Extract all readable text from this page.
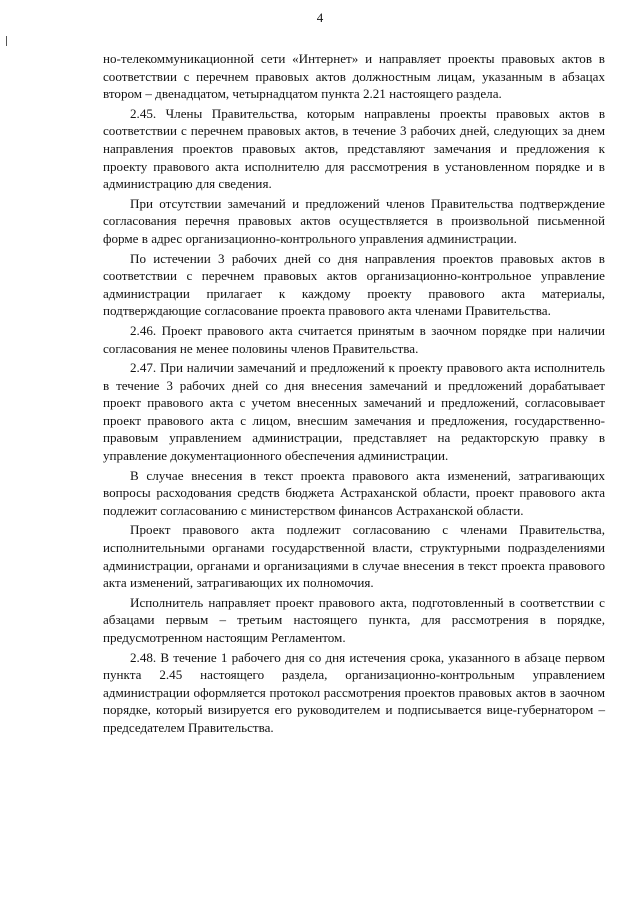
4

но-телекоммуникационной сети «Интернет» и направляет проекты правовых актов в соответствии с перечнем правовых актов должностным лицам, указанным в абзацах втором – двенадцатом, четырнадцатом пункта 2.21 настоящего раздела.

2.45. Члены Правительства, которым направлены проекты правовых актов в соответствии с перечнем правовых актов, в течение 3 рабочих дней, следующих за днем направления проектов правовых актов, представляют замечания и предложения к проекту правового акта исполнителю для рассмотрения в установленном порядке и в администрацию для сведения.

При отсутствии замечаний и предложений членов Правительства подтверждение согласования перечня правовых актов осуществляется в произвольной письменной форме в адрес организационно-контрольного управления администрации.

По истечении 3 рабочих дней со дня направления проектов правовых актов в соответствии с перечнем правовых актов организационно-контрольное управление администрации прилагает к каждому проекту правового акта материалы, подтверждающие согласование проекта правового акта членами Правительства.

2.46. Проект правового акта считается принятым в заочном порядке при наличии согласования не менее половины членов Правительства.

2.47. При наличии замечаний и предложений к проекту правового акта исполнитель в течение 3 рабочих дней со дня внесения замечаний и предложений дорабатывает проект правового акта с учетом внесенных замечаний и предложений, согласовывает проект правового акта с лицом, внесшим замечания и предложения, государственно-правовым управлением администрации, представляет на редакторскую правку в управление документационного обеспечения администрации.

В случае внесения в текст проекта правового акта изменений, затрагивающих вопросы расходования средств бюджета Астраханской области, проект правового акта подлежит согласованию с министерством финансов Астраханской области.

Проект правового акта подлежит согласованию с членами Правительства, исполнительными органами государственной власти, структурными подразделениями администрации, органами и организациями в случае внесения в текст проекта правового акта изменений, затрагивающих их полномочия.

Исполнитель направляет проект правового акта, подготовленный в соответствии с абзацами первым – третьим настоящего пункта, для рассмотрения в порядке, предусмотренном настоящим Регламентом.

2.48. В течение 1 рабочего дня со дня истечения срока, указанного в абзаце первом пункта 2.45 настоящего раздела, организационно-контрольным управлением администрации оформляется протокол рассмотрения проектов правовых актов в заочном порядке, который визируется его руководителем и подписывается вице-губернатором – председателем Правительства.
